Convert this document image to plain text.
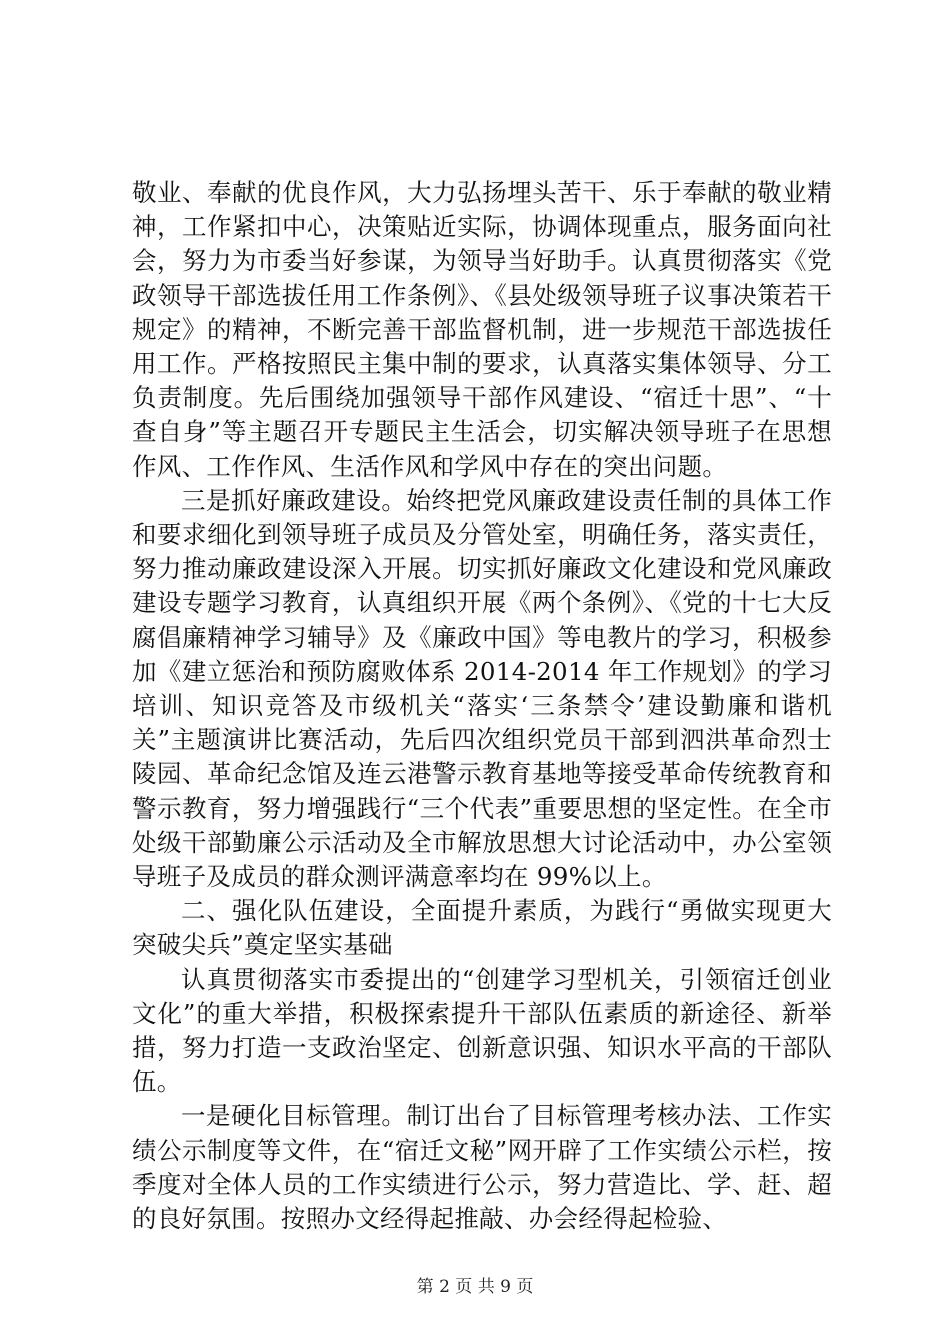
敬业、奉献的优良作风，大力弘扬埋头苦干、乐于奉献的敬业精神，工作紧扣中心，决策贴近实际，协调体现重点，服务面向社会，努力为市委当好参谋，为领导当好助手。认真贯彻落实《党政领导干部选拔任用工作条例》、《县处级领导班子议事决策若干规定》的精神，不断完善干部监督机制，进一步规范干部选拔任用工作。严格按照民主集中制的要求，认真落实集体领导、分工负责制度。先后围绕加强领导干部作风建设、“宿迁十思”、“十查自身”等主题召开专题民主生活会，切实解决领导班子在思想作风、工作作风、生活作风和学风中存在的突出问题。

三是抓好廉政建设。始终把党风廉政建设责任制的具体工作和要求细化到领导班子成员及分管处室，明确任务，落实责任，努力推动廉政建设深入开展。切实抓好廉政文化建设和党风廉政建设专题学习教育，认真组织开展《两个条例》、《党的十七大反腐倡廉精神学习辅导》及《廉政中国》等电教片的学习，积极参加《建立惩治和预防腐败体系 2014-2014 年工作规划》的学习培训、知识竞答及市级机关“落实‘三条禁令’建设勤廉和谐机关”主题演讲比赛活动，先后四次组织党员干部到泗洪革命烈士陵园、革命纪念馆及连云港警示教育基地等接受革命传统教育和警示教育，努力增强践行“三个代表”重要思想的坚定性。在全市处级干部勤廉公示活动及全市解放思想大讨论活动中，办公室领导班子及成员的群众测评满意率均在 99%以上。

二、强化队伍建设，全面提升素质，为践行“勇做实现更大突破尖兵”奠定坚实基础

认真贯彻落实市委提出的“创建学习型机关，引领宿迁创业文化”的重大举措，积极探索提升干部队伍素质的新途径、新举措，努力打造一支政治坚定、创新意识强、知识水平高的干部队伍。

一是硬化目标管理。制订出台了目标管理考核办法、工作实绩公示制度等文件，在“宿迁文秘”网开辟了工作实绩公示栏，按季度对全体人员的工作实绩进行公示，努力营造比、学、赶、超的良好氛围。按照办文经得起推敲、办会经得起检验、

第 2 页 共 9 页
